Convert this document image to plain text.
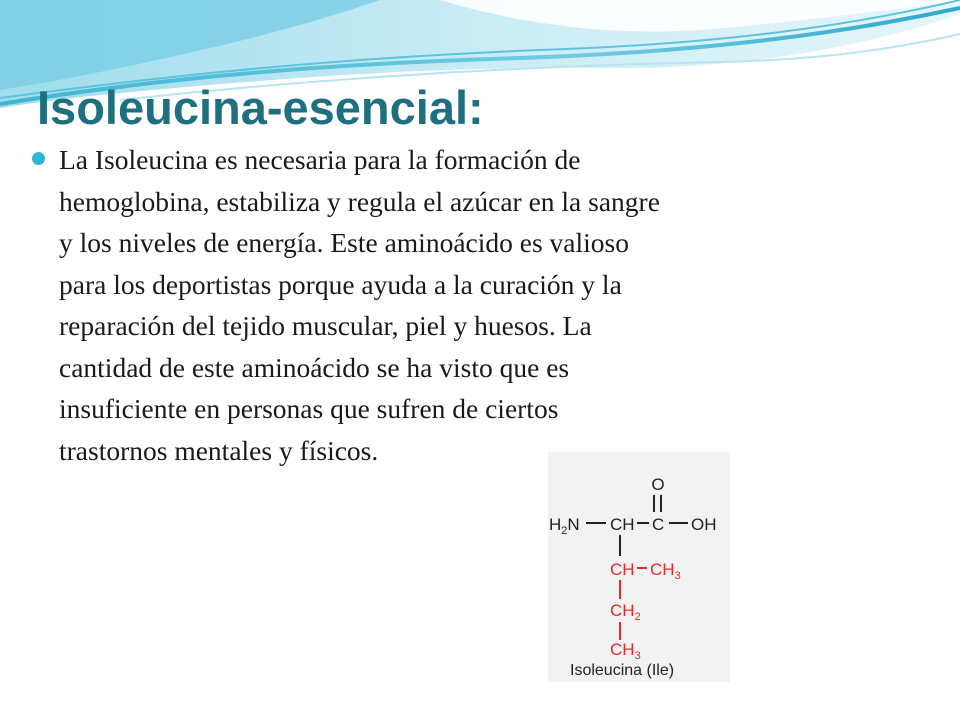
Isoleucina-esencial:

La Isoleucina es necesaria para la formación de
hemoglobina, estabiliza y regula el azúcar en la sangre
y los niveles de energía. Este aminoácido es valioso
para los deportistas porque ayuda a la curación y la
reparación del tejido muscular, piel y huesos. La
cantidad de este aminoácido se ha visto que es
insuficiente en personas que sufren de ciertos
trastornos mentales y físicos.

O
$H_2N$ CH C OH
CH $CH_3$
$CH_2$
$CH_3$
Isoleucina (Ile)
